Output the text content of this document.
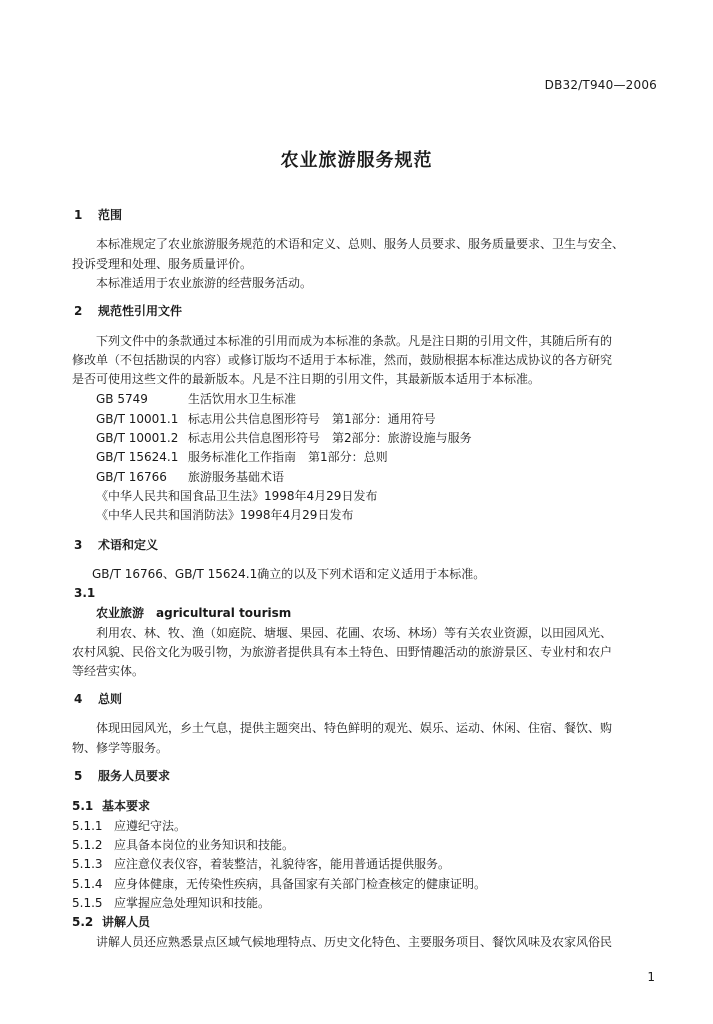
DB32/T940—2006
农业旅游服务规范
1 范围
本标准规定了农业旅游服务规范的术语和定义、总则、服务人员要求、服务质量要求、卫生与安全、
投诉受理和处理、服务质量评价。
本标准适用于农业旅游的经营服务活动。
2 规范性引用文件
下列文件中的条款通过本标准的引用而成为本标准的条款。凡是注日期的引用文件，其随后所有的
修改单（不包括勘误的内容）或修订版均不适用于本标准，然而，鼓励根据本标准达成协议的各方研究
是否可使用这些文件的最新版本。凡是不注日期的引用文件，其最新版本适用于本标准。
GB 5749	生活饮用水卫生标准
GB/T 10001.1 标志用公共信息图形符号　第1部分：通用符号
GB/T 10001.2 标志用公共信息图形符号　第2部分：旅游设施与服务
GB/T 15624.1 服务标准化工作指南　第1部分：总则
GB/T 16766 旅游服务基础术语
《中华人民共和国食品卫生法》1998年4月29日发布
《中华人民共和国消防法》1998年4月29日发布
3 术语和定义
GB/T 16766、GB/T 15624.1确立的以及下列术语和定义适用于本标准。
3.1
农业旅游　agricultural tourism
利用农、林、牧、渔（如庭院、塘堰、果园、花圃、农场、林场）等有关农业资源，以田园风光、
农村风貌、民俗文化为吸引物，为旅游者提供具有本土特色、田野情趣活动的旅游景区、专业村和农户
等经营实体。
4 总则
体现田园风光，乡土气息，提供主题突出、特色鲜明的观光、娱乐、运动、休闲、住宿、餐饮、购
物、修学等服务。
5 服务人员要求
5.1 基本要求
5.1.1 应遵纪守法。
5.1.2 应具备本岗位的业务知识和技能。
5.1.3 应注意仪表仪容，着装整洁，礼貌待客，能用普通话提供服务。
5.1.4 应身体健康，无传染性疾病，具备国家有关部门检查核定的健康证明。
5.1.5 应掌握应急处理知识和技能。
5.2 讲解人员
讲解人员还应熟悉景点区域气候地理特点、历史文化特色、主要服务项目、餐饮风味及农家风俗民
1
